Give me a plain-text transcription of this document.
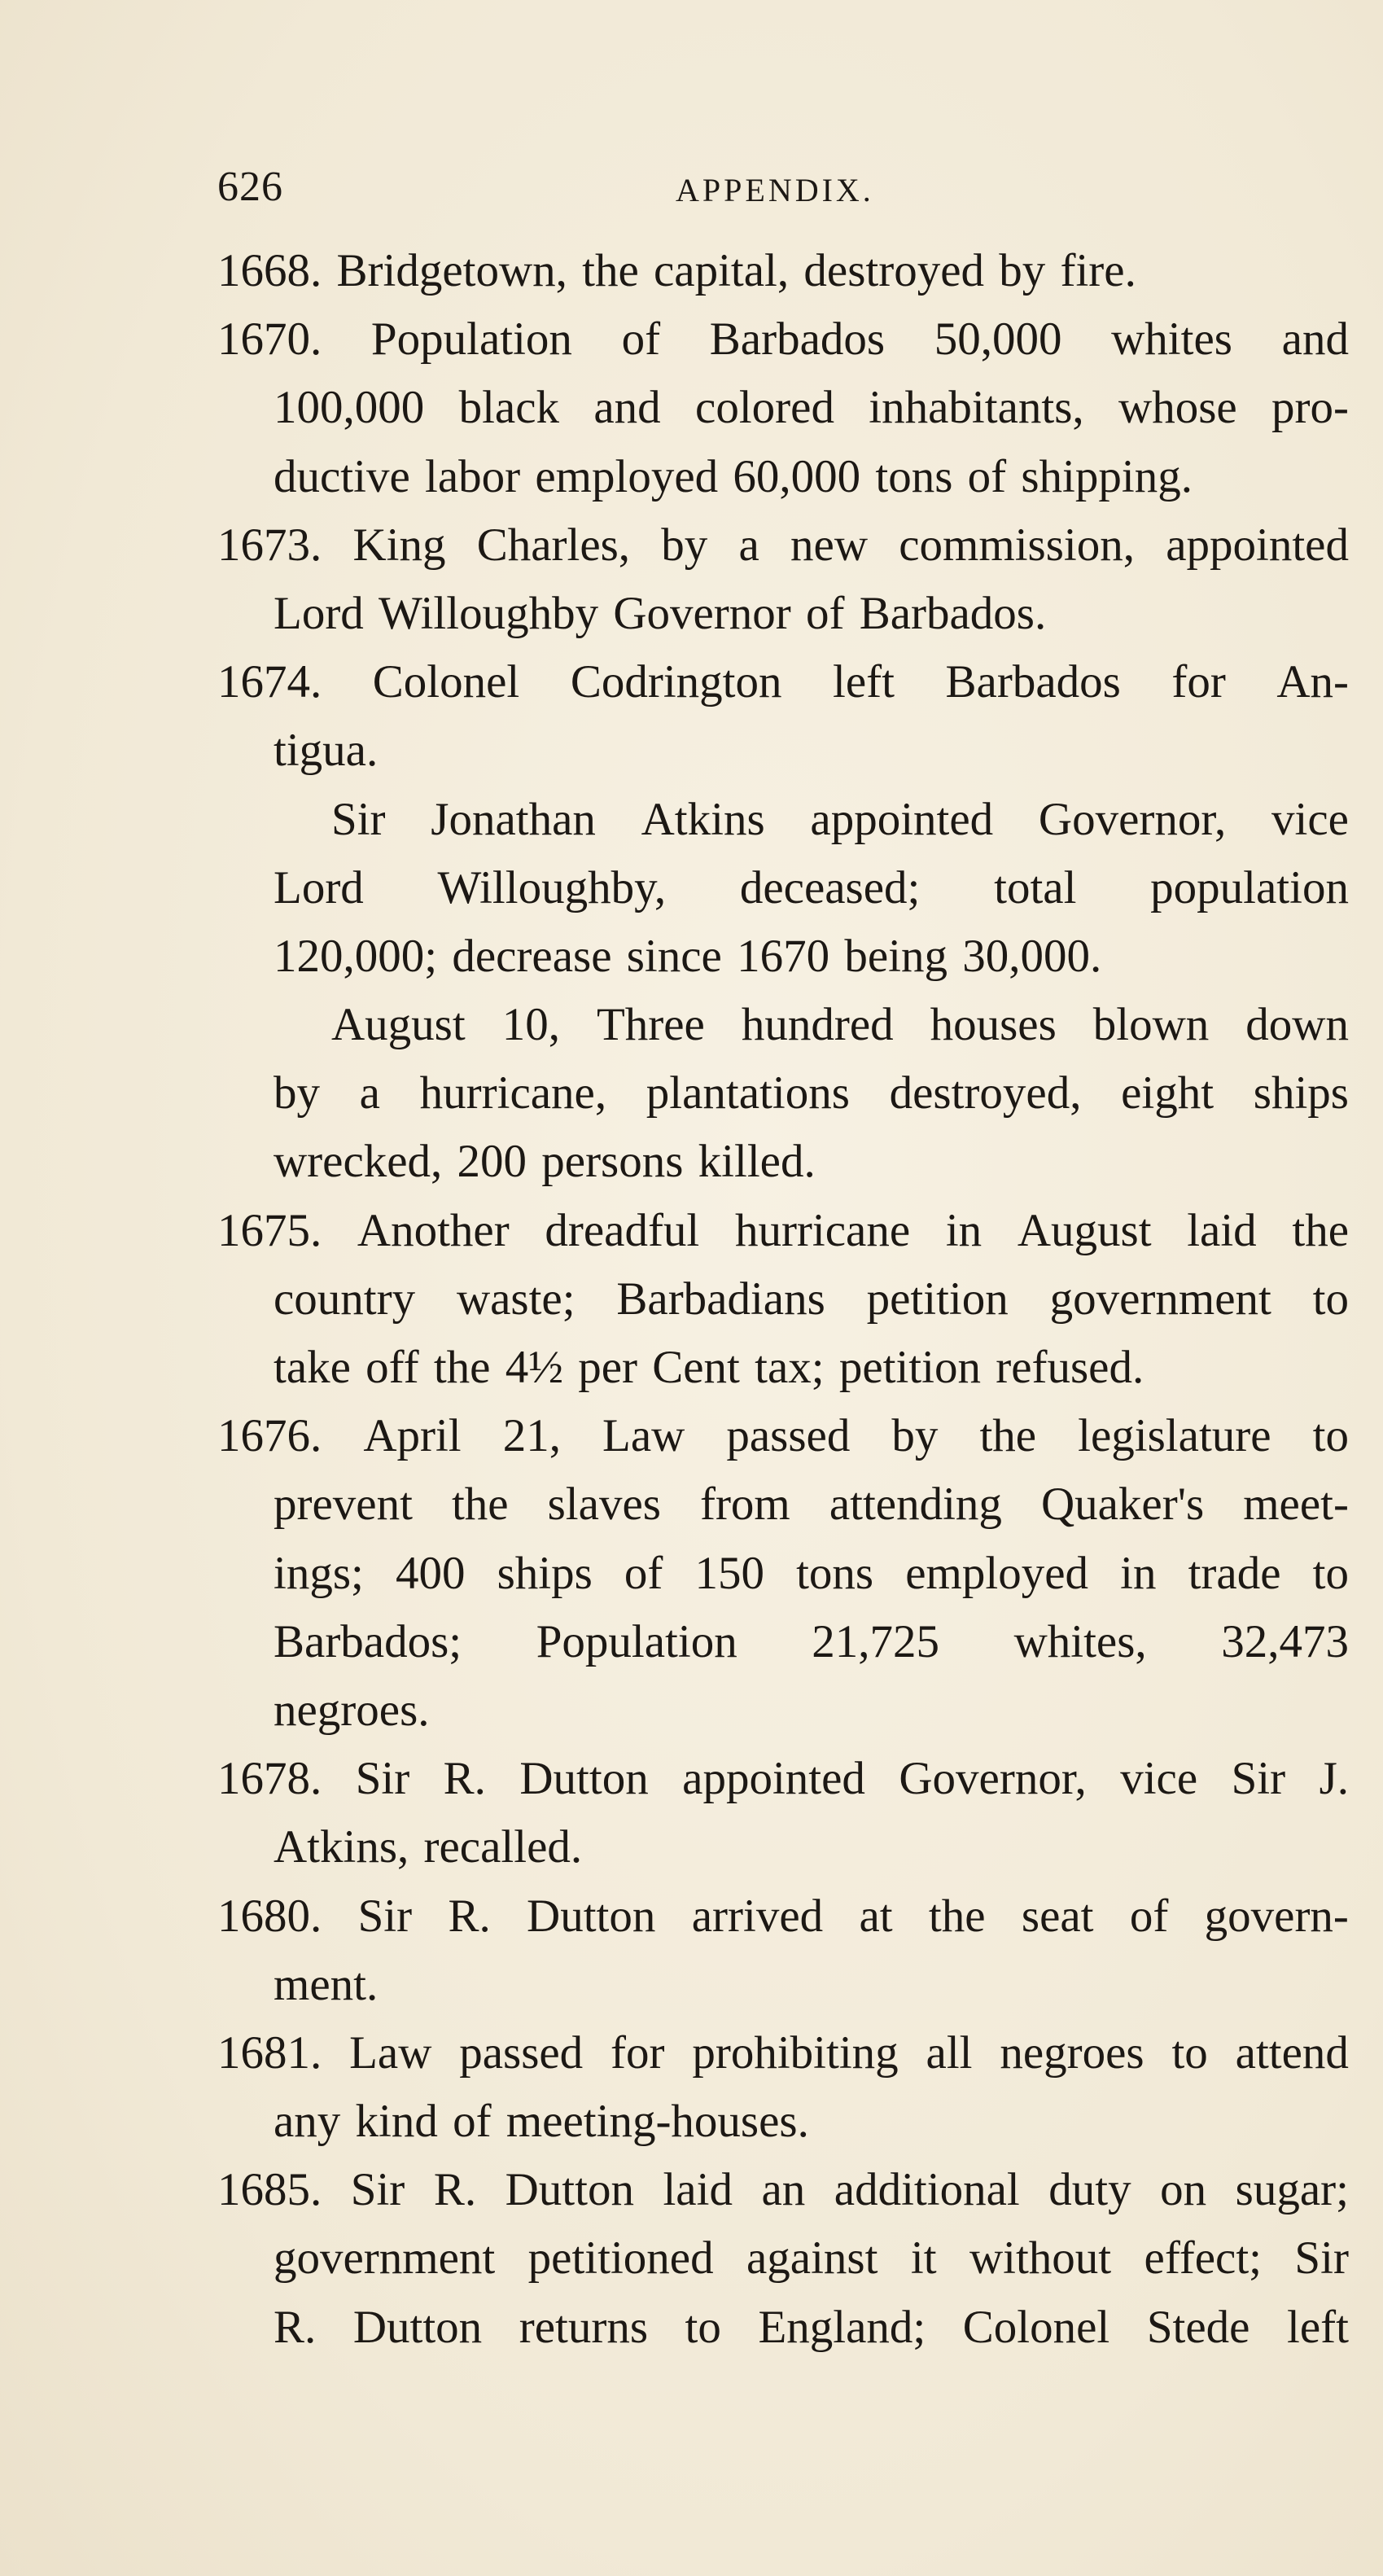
626	APPENDIX.
1668. Bridgetown, the capital, destroyed by fire.
1670. Population of Barbados 50,000 whites and
100,000 black and colored inhabitants, whose pro-
ductive labor employed 60,000 tons of shipping.
1673. King Charles, by a new commission, appointed
Lord Willoughby Governor of Barbados.
1674. Colonel Codrington left Barbados for An-
tigua.
Sir Jonathan Atkins appointed Governor, vice
Lord Willoughby, deceased; total population
120,000; decrease since 1670 being 30,000.
August 10, Three hundred houses blown down
by a hurricane, plantations destroyed, eight ships
wrecked, 200 persons killed.
1675. Another dreadful hurricane in August laid the
country waste; Barbadians petition government to
take off the 4½ per Cent tax; petition refused.
1676. April 21, Law passed by the legislature to
prevent the slaves from attending Quaker's meet-
ings; 400 ships of 150 tons employed in trade to
Barbados; Population 21,725 whites, 32,473
negroes.
1678. Sir R. Dutton appointed Governor, vice Sir J.
Atkins, recalled.
1680. Sir R. Dutton arrived at the seat of govern-
ment.
1681. Law passed for prohibiting all negroes to attend
any kind of meeting-houses.
1685. Sir R. Dutton laid an additional duty on sugar;
government petitioned against it without effect; Sir
R. Dutton returns to England; Colonel Stede left
